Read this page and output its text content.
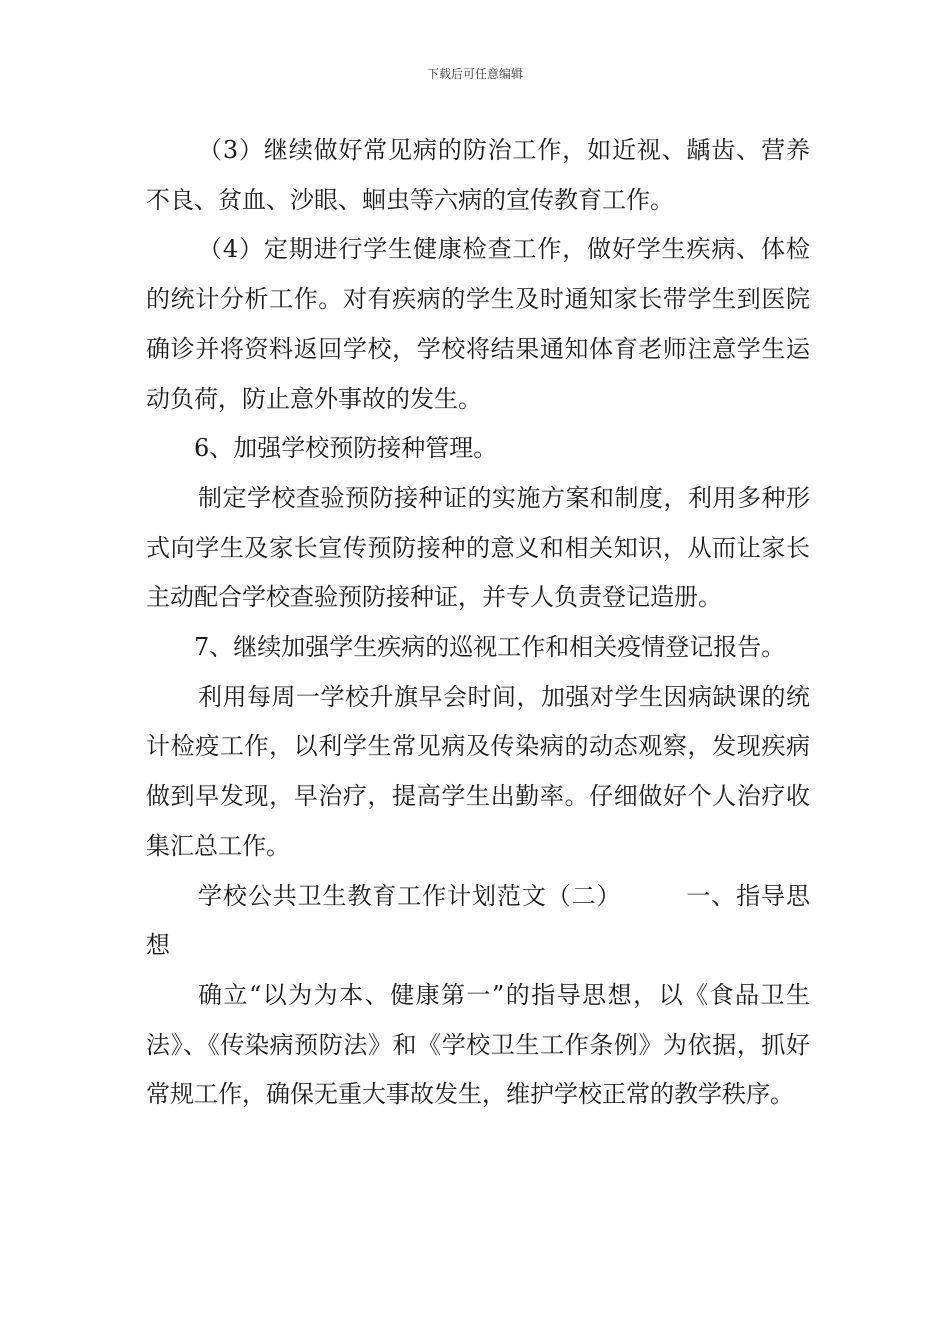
下载后可任意编辑

（3）继续做好常见病的防治工作，如近视、龋齿、营养不良、贫血、沙眼、蛔虫等六病的宣传教育工作。

（4）定期进行学生健康检查工作，做好学生疾病、体检的统计分析工作。对有疾病的学生及时通知家长带学生到医院确诊并将资料返回学校，学校将结果通知体育老师注意学生运动负荷，防止意外事故的发生。

6、加强学校预防接种管理。

制定学校查验预防接种证的实施方案和制度，利用多种形式向学生及家长宣传预防接种的意义和相关知识，从而让家长主动配合学校查验预防接种证，并专人负责登记造册。

7、继续加强学生疾病的巡视工作和相关疫情登记报告。

利用每周一学校升旗早会时间，加强对学生因病缺课的统计检疫工作，以利学生常见病及传染病的动态观察，发现疾病做到早发现，早治疗，提高学生出勤率。仔细做好个人治疗收集汇总工作。

学校公共卫生教育工作计划范文（二）	一、指导思想

确立“以为为本、健康第一”的指导思想，以《食品卫生法》、《传染病预防法》和《学校卫生工作条例》为依据，抓好常规工作，确保无重大事故发生，维护学校正常的教学秩序。
